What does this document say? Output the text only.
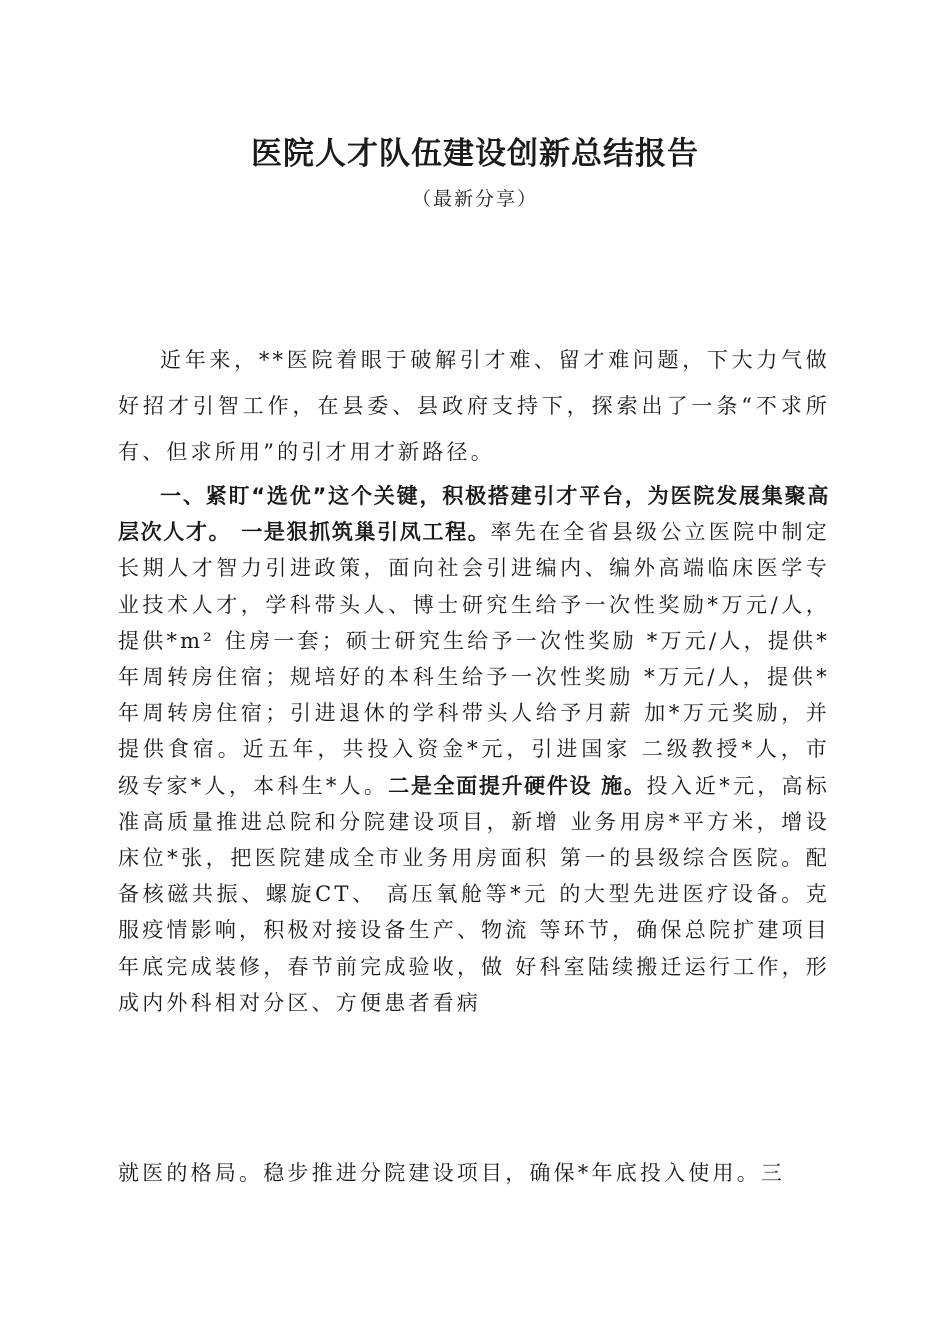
医院人才队伍建设创新总结报告
（最新分享）

近年来，**医院着眼于破解引才难、留才难问题，下大力气做好招才引智工作，在县委、县政府支持下，探索出了一条“不求所有、但求所用”的引才用才新路径。

一、紧盯“选优”这个关键，积极搭建引才平台，为医院发展集聚高层次人才。 一是狠抓筑巢引凤工程。率先在全省县级公立医院中制定长期人才智力引进政策，面向社会引进编内、编外高端临床医学专业技术人才，学科带头人、博士研究生给予一次性奖励*万元/人，提供*m² 住房一套；硕士研究生给予一次性奖励 *万元/人，提供*年周转房住宿；规培好的本科生给予一次性奖励 *万元/人，提供*年周转房住宿；引进退休的学科带头人给予月薪 加*万元奖励，并提供食宿。近五年，共投入资金*元，引进国家 二级教授*人，市级专家*人，本科生*人。二是全面提升硬件设 施。投入近*元，高标准高质量推进总院和分院建设项目，新增 业务用房*平方米，增设床位*张，把医院建成全市业务用房面积 第一的县级综合医院。配备核磁共振、螺旋CT、 高压氧舱等*元 的大型先进医疗设备。克服疫情影响，积极对接设备生产、物流 等环节，确保总院扩建项目年底完成装修，春节前完成验收，做 好科室陆续搬迁运行工作，形成内外科相对分区、方便患者看病

就医的格局。稳步推进分院建设项目，确保*年底投入使用。三
